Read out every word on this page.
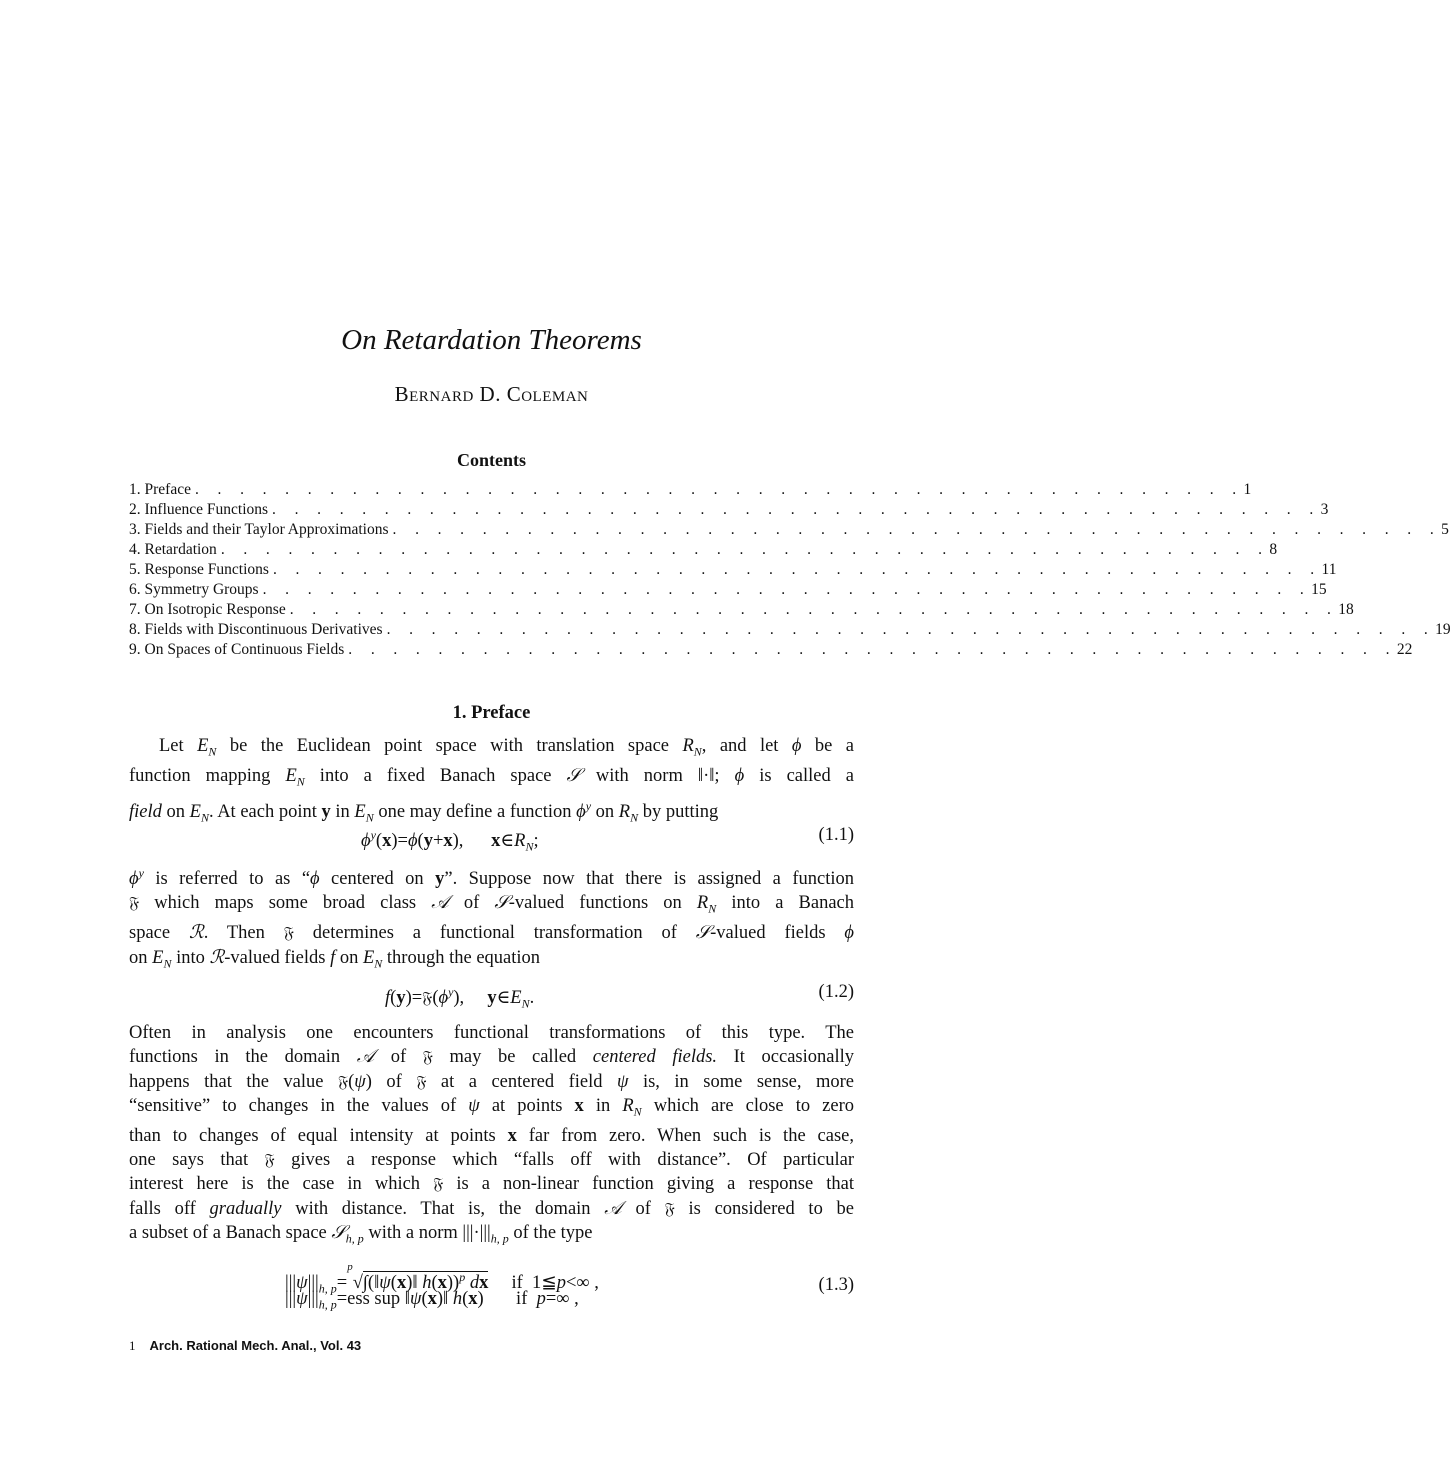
On Retardation Theorems
Bernard D. Coleman
Contents
1. Preface . . . . . . . . . . . . . . . . . . . . . . . . . . . . . . . . . . . . . . . . . . . . . . . 1
2. Influence Functions . . . . . . . . . . . . . . . . . . . . . . . . . . . . . . . . . . . . . . . . . . . . . . . 3
3. Fields and their Taylor Approximations . . . . . . . . . . . . . . . . . . . . . . . . . . . . . . . . . . . . . . . . . . . . . . . 5
4. Retardation . . . . . . . . . . . . . . . . . . . . . . . . . . . . . . . . . . . . . . . . . . . . . . . 8
5. Response Functions . . . . . . . . . . . . . . . . . . . . . . . . . . . . . . . . . . . . . . . . . . . . . . . 11
6. Symmetry Groups . . . . . . . . . . . . . . . . . . . . . . . . . . . . . . . . . . . . . . . . . . . . . . . 15
7. On Isotropic Response . . . . . . . . . . . . . . . . . . . . . . . . . . . . . . . . . . . . . . . . . . . . . . . 18
8. Fields with Discontinuous Derivatives . . . . . . . . . . . . . . . . . . . . . . . . . . . . . . . . . . . . . . . . . . . . . . . 19
9. On Spaces of Continuous Fields . . . . . . . . . . . . . . . . . . . . . . . . . . . . . . . . . . . . . . . . . . . . . . . 22
1. Preface
Let $E_N$ be the Euclidean point space with translation space $R_N$, and let ϕ be a
function mapping $E_N$ into a fixed Banach space 𝒮 with norm ‖·‖; ϕ is called a
field on $E_N$. At each point y in $E_N$ one may define a function $\phi^y$ on $R_N$ by putting
$\phi^y(x)=\phi(y+x)$,      $x\in R_N$;	(1.1)
$\phi^y$ is referred to as “ϕ centered on y”. Suppose now that there is assigned a function
𝔉 which maps some broad class 𝒜 of 𝒮-valued functions on $R_N$ into a Banach
space ℛ. Then 𝔉 determines a functional transformation of 𝒮-valued fields ϕ
on $E_N$ into ℛ-valued fields f on $E_N$ through the equation
$f(y)=𝔉(\phi^y)$,     $y\in E_N$.	(1.2)
Often in analysis one encounters functional transformations of this type. The
functions in the domain 𝒜 of 𝔉 may be called centered fields. It occasionally
happens that the value 𝔉(ψ) of 𝔉 at a centered field ψ is, in some sense, more
“sensitive” to changes in the values of ψ at points x in $R_N$ which are close to zero
than to changes of equal intensity at points x far from zero. When such is the case,
one says that 𝔉 gives a response which “falls off with distance”. Of particular
interest here is the case in which 𝔉 is a non-linear function giving a response that
falls off gradually with distance. That is, the domain 𝒜 of 𝔉 is considered to be
a subset of a Banach space 𝒮$_{h, p}$ with a norm $|||\cdot|||_{h, p}$ of the type
$|||\psi|||_{h, p}=^p√\int(‖\psi(x)‖$ h(x))$^p$ dx     if  1≦p<∞ ,
$|||\psi|||_{h, p}=ess$ sup ‖ψ(x)‖ h(x)       if  p=∞ ,
(1.3)
1 Arch. Rational Mech. Anal., Vol. 43
